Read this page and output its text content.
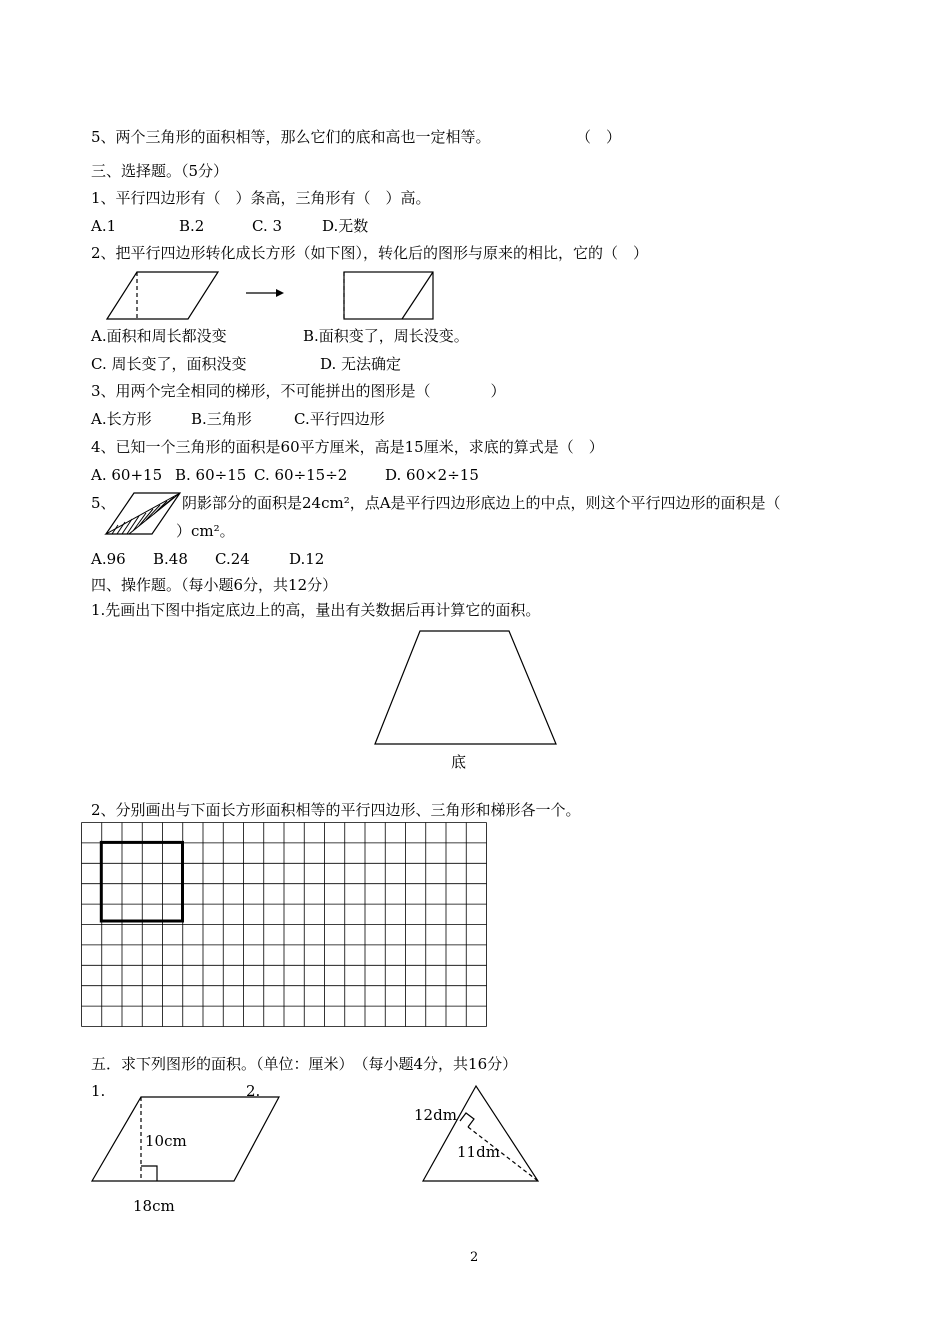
5、两个三角形的面积相等，那么它们的底和高也一定相等。	（　）
三、选择题。（5分）
1、平行四边形有（　）条高，三角形有（　）高。
A.1	B.2	C. 3	D.无数
2、把平行四边形转化成长方形（如下图），转化后的图形与原来的相比，它的（　）
A.面积和周长都没变	B.面积变了，周长没变。
C. 周长变了，面积没变	D. 无法确定
3、用两个完全相同的梯形，不可能拼出的图形是（　　　　）
A.长方形	B.三角形	C.平行四边形
4、已知一个三角形的面积是60平方厘米，高是15厘米，求底的算式是（　）
A. 60+15 B. 60÷15 C. 60÷15÷2	D. 60×2÷15
5、	阴影部分的面积是24cm²，点A是平行四边形底边上的中点，则这个平行四边形的面积是（
）cm²。
A.96 B.48 C.24	D.12
四、操作题。（每小题6分，共12分）
1.先画出下图中指定底边上的高，量出有关数据后再计算它的面积。
底
2、分别画出与下面长方形面积相等的平行四边形、三角形和梯形各一个。
五．求下列图形的面积。（单位：厘米）　（每小题4分，共16分）
1.	2.
10cm
18cm
12dm
11dm
2
